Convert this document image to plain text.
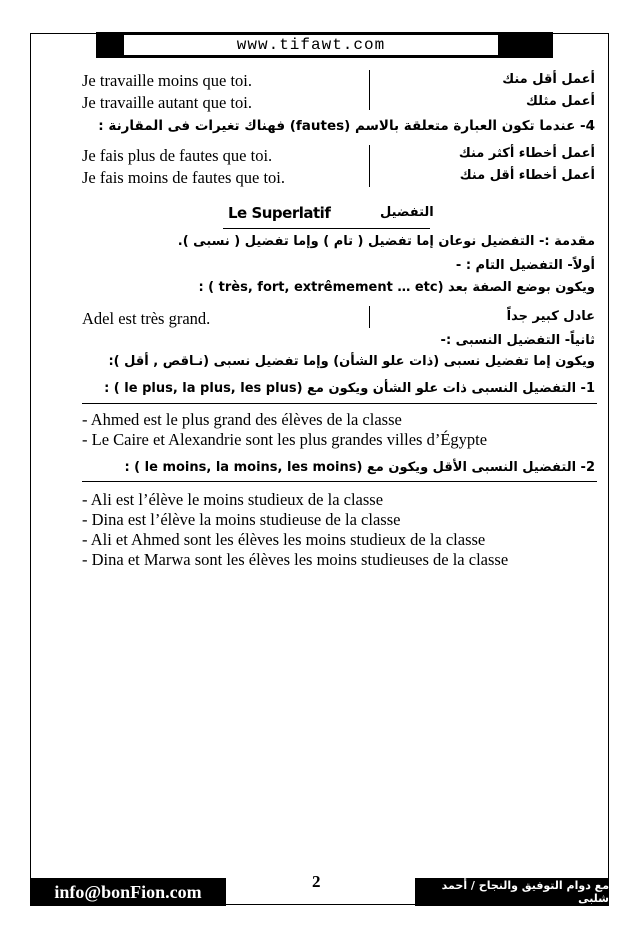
www.tifawt.com
Je travaille moins que toi.	أعمل أقل منك
Je travaille autant que toi.	أعمل مثلك
4- عندما تكون العبارة متعلقة بالاسم (fautes) فهناك تغيرات فى المقارنة :
Je fais plus de fautes que toi.	أعمل أخطاء أكثر منك
Je fais moins de fautes que toi.	أعمل أخطاء أقل منك
Le Superlatif	التفضيل
مقدمة :- التفضيل نوعان إما تفضيل ( تام ) وإما تفضيل ( نسبى ).
أولاً- التفضيل التام : -
ويكون بوضع الصفة بعد (très, fort, extrêmement … etc ) :
Adel est très grand.	عادل كبير جداً
ثانياً- التفضيل النسبى :-
ويكون إما تفضيل نسبى (ذات علو الشأن) وإما تفضيل نسبى (نـاقص , أقل ):
1- التفضيل النسبى ذات علو الشأن ويكون مع (le plus, la plus, les plus ) :
- Ahmed est le plus grand des élèves de la classe
- Le Caire et Alexandrie sont les plus grandes villes d’Égypte
2- التفضيل النسبى الأقل ويكون مع (le moins, la moins, les moins ) :
- Ali est l’élève le moins studieux de la classe
- Dina est l’élève la moins studieuse de la classe
- Ali et Ahmed sont les élèves les moins studieux de la classe
- Dina et Marwa sont les élèves les moins studieuses de la classe
2
info@bonFion.com	مع دوام التوفيق والنجاح / أحمد شلبى
